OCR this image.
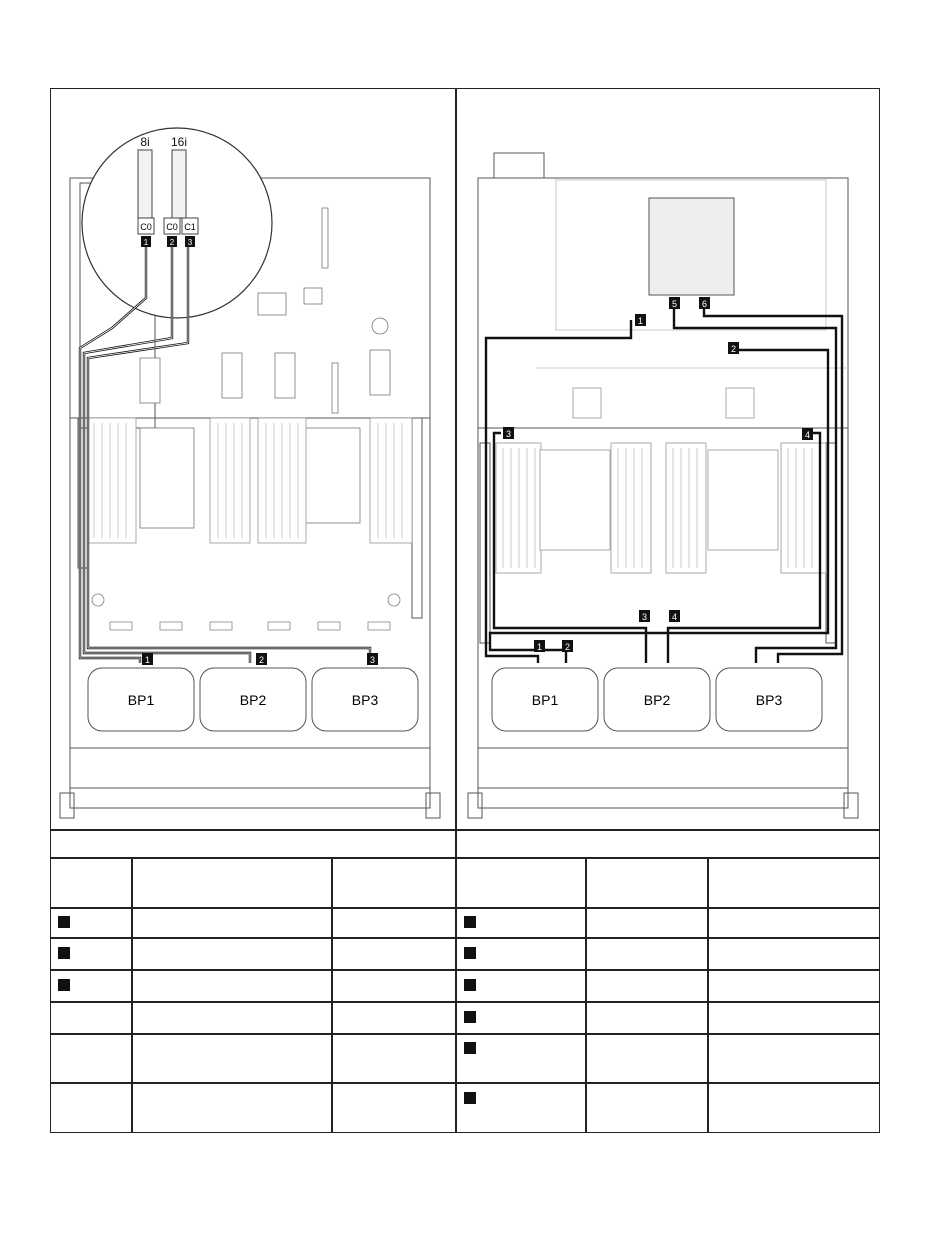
8i 16i
C0 C0 C1
1	2 3
1	2	3
BP1	BP2	BP3
1
2
3	4
5	6
1	2
3	4
BP1	BP2	BP3
